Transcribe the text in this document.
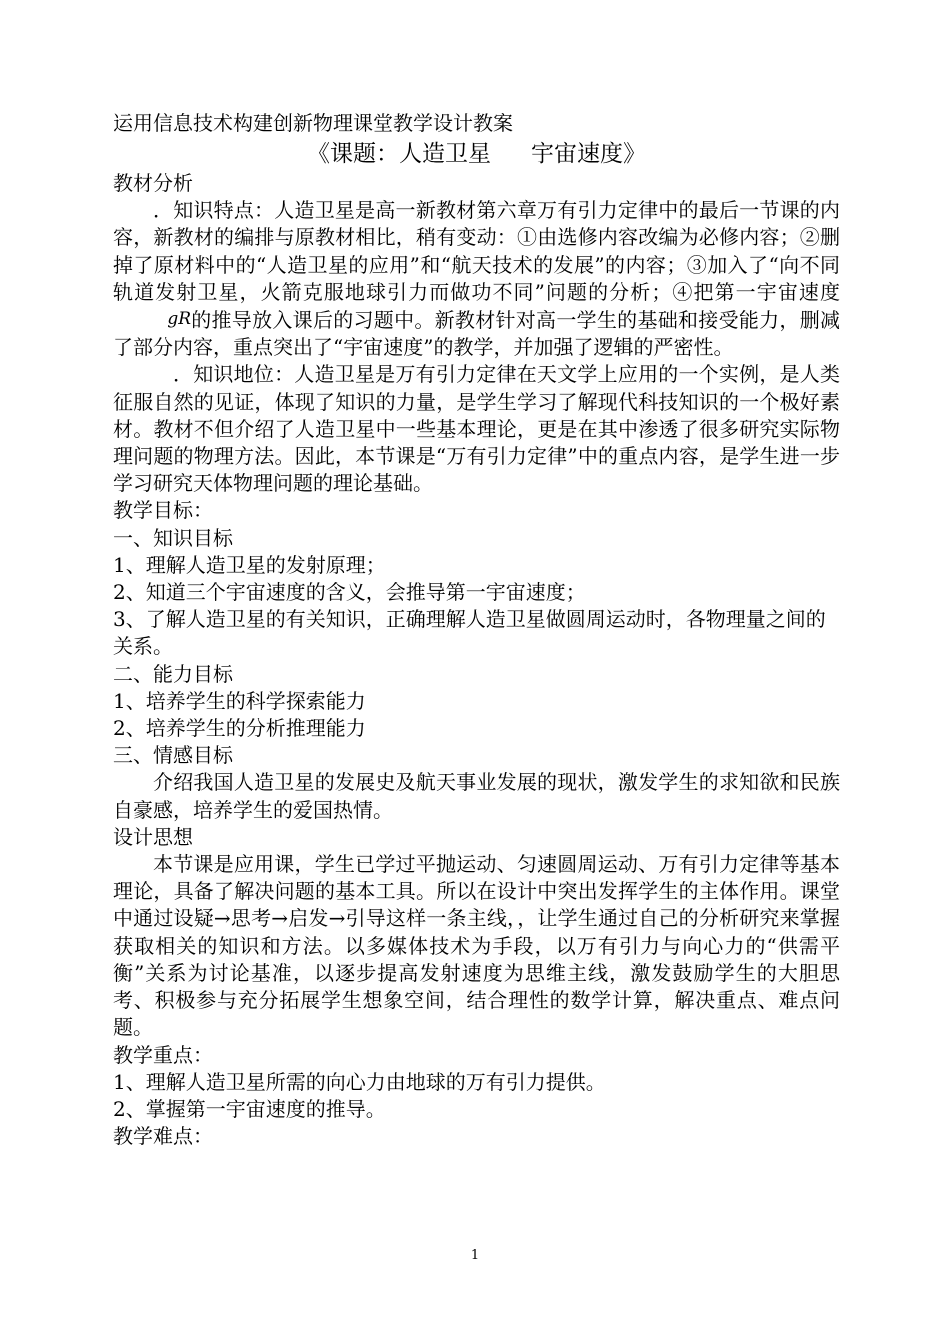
运用信息技术构建创新物理课堂教学设计教案

《课题：人造卫星 宇宙速度》

教材分析

．知识特点：人造卫星是高一新教材第六章万有引力定律中的最后一节课的内容，新教材的编排与原教材相比，稍有变动：①由选修内容改编为必修内容；②删掉了原材料中的“人造卫星的应用”和“航天技术的发展”的内容；③加入了“向不同轨道发射卫星，火箭克服地球引力而做功不同”问题的分析；④把第一宇宙速度gR的推导放入课后的习题中。新教材针对高一学生的基础和接受能力，删减了部分内容，重点突出了“宇宙速度”的教学，并加强了逻辑的严密性。

．知识地位：人造卫星是万有引力定律在天文学上应用的一个实例，是人类征服自然的见证，体现了知识的力量，是学生学习了解现代科技知识的一个极好素材。教材不但介绍了人造卫星中一些基本理论，更是在其中渗透了很多研究实际物理问题的物理方法。因此，本节课是“万有引力定律”中的重点内容，是学生进一步学习研究天体物理问题的理论基础。

教学目标：

一、知识目标

1、理解人造卫星的发射原理；

2、知道三个宇宙速度的含义，会推导第一宇宙速度；

3、了解人造卫星的有关知识，正确理解人造卫星做圆周运动时，各物理量之间的关系。

二、能力目标

1、培养学生的科学探索能力

2、培养学生的分析推理能力

三、情感目标

介绍我国人造卫星的发展史及航天事业发展的现状，激发学生的求知欲和民族自豪感，培养学生的爱国热情。

设计思想

本节课是应用课，学生已学过平抛运动、匀速圆周运动、万有引力定律等基本理论，具备了解决问题的基本工具。所以在设计中突出发挥学生的主体作用。课堂中通过设疑→思考→启发→引导这样一条主线，，让学生通过自己的分析研究来掌握获取相关的知识和方法。以多媒体技术为手段，以万有引力与向心力的“供需平衡”关系为讨论基准，以逐步提高发射速度为思维主线，激发鼓励学生的大胆思考、积极参与充分拓展学生想象空间，结合理性的数学计算，解决重点、难点问题。

教学重点：

1、理解人造卫星所需的向心力由地球的万有引力提供。

2、掌握第一宇宙速度的推导。

教学难点：

1
